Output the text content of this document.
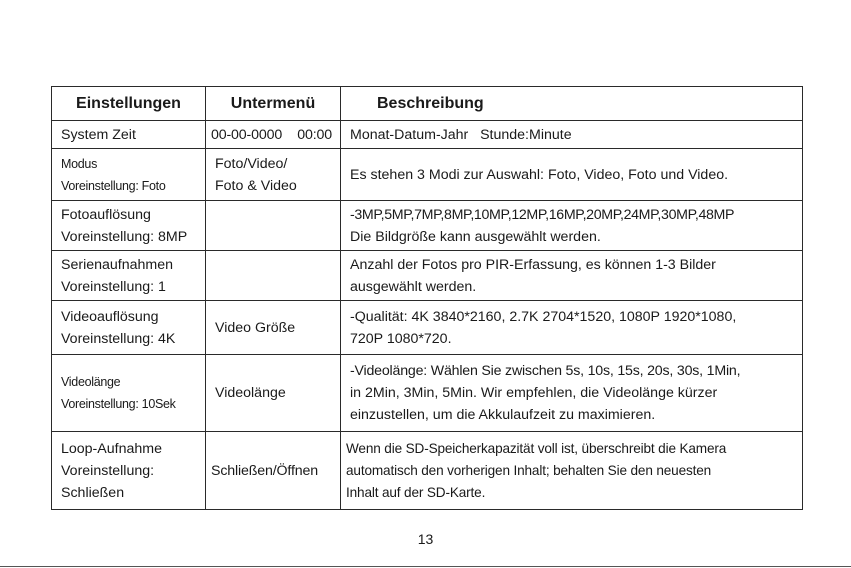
Einstellungen	Untermenü	Beschreibung

System Zeit	00-00-0000    00:00	Monat-Datum-Jahr   Stunde:Minute

Modus
Voreinstellung: Foto	Foto/Video/
Foto & Video	Es stehen 3 Modi zur Auswahl: Foto, Video, Foto und Video.

Fotoauflösung
Voreinstellung: 8MP		-3MP,5MP,7MP,8MP,10MP,12MP,16MP,20MP,24MP,30MP,48MP
Die Bildgröße kann ausgewählt werden.

Serienaufnahmen
Voreinstellung: 1		Anzahl der Fotos pro PIR-Erfassung, es können 1-3 Bilder
ausgewählt werden.

Videoauflösung
Voreinstellung: 4K	Video Größe	-Qualität: 4K 3840*2160, 2.7K 2704*1520, 1080P 1920*1080,
720P 1080*720.

Videolänge
Voreinstellung: 10Sek	Videolänge	-Videolänge: Wählen Sie zwischen 5s, 10s, 15s, 20s, 30s, 1Min,
in 2Min, 3Min, 5Min. Wir empfehlen, die Videolänge kürzer
einzustellen, um die Akkulaufzeit zu maximieren.

Loop-Aufnahme
Voreinstellung:
Schließen	Schließen/Öffnen	Wenn die SD-Speicherkapazität voll ist, überschreibt die Kamera
automatisch den vorherigen Inhalt; behalten Sie den neuesten
Inhalt auf der SD-Karte.
13
